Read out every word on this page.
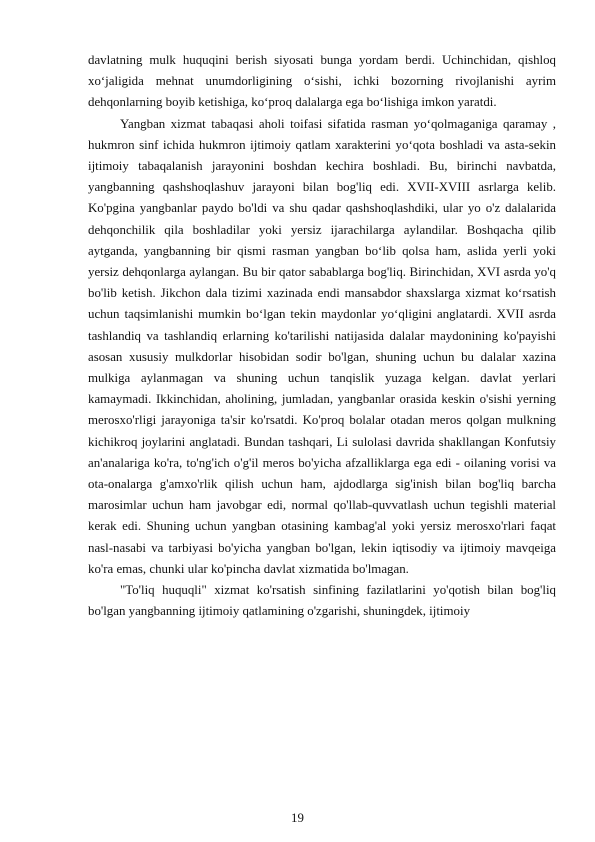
davlatning mulk huquqini berish siyosati bunga yordam berdi. Uchinchidan, qishloq xo‘jaligida mehnat unumdorligining o‘sishi, ichki bozorning rivojlanishi ayrim dehqonlarning boyib ketishiga, ko‘proq dalalarga ega bo‘lishiga imkon yaratdi.

Yangban xizmat tabaqasi aholi toifasi sifatida rasman yo‘qolmaganiga qaramay , hukmron sinf ichida hukmron ijtimoiy qatlam xarakterini yo‘qota boshladi va asta-sekin ijtimoiy tabaqalanish jarayonini boshdan kechira boshladi. Bu, birinchi navbatda, yangbanning qashshoqlashuv jarayoni bilan bog'liq edi. XVII-XVIII asrlarga kelib. Ko'pgina yangbanlar paydo bo'ldi va shu qadar qashshoqlashdiki, ular yo o'z dalalarida dehqonchilik qila boshladilar yoki yersiz ijarachilarga aylandilar. Boshqacha qilib aytganda, yangbanning bir qismi rasman yangban bo‘lib qolsa ham, aslida yerli yoki yersiz dehqonlarga aylangan. Bu bir qator sabablarga bog'liq. Birinchidan, XVI asrda yo'q bo'lib ketish. Jikchon dala tizimi xazinada endi mansabdor shaxslarga xizmat ko‘rsatish uchun taqsimlanishi mumkin bo‘lgan tekin maydonlar yo‘qligini anglatardi. XVII asrda tashlandiq va tashlandiq erlarning ko'tarilishi natijasida dalalar maydonining ko'payishi asosan xususiy mulkdorlar hisobidan sodir bo'lgan, shuning uchun bu dalalar xazina mulkiga aylanmagan va shuning uchun tanqislik yuzaga kelgan. davlat yerlari kamaymadi. Ikkinchidan, aholining, jumladan, yangbanlar orasida keskin o'sishi yerning merosxo'rligi jarayoniga ta'sir ko'rsatdi. Ko'proq bolalar otadan meros qolgan mulkning kichikroq joylarini anglatadi. Bundan tashqari, Li sulolasi davrida shakllangan Konfutsiy an'analariga ko'ra, to'ng'ich o'g'il meros bo'yicha afzalliklarga ega edi - oilaning vorisi va ota-onalarga g'amxo'rlik qilish uchun ham, ajdodlarga sig'inish bilan bog'liq barcha marosimlar uchun ham javobgar edi, normal qo'llab-quvvatlash uchun tegishli material kerak edi. Shuning uchun yangban otasining kambag'al yoki yersiz merosxo'rlari faqat nasl-nasabi va tarbiyasi bo'yicha yangban bo'lgan, lekin iqtisodiy va ijtimoiy mavqeiga ko'ra emas, chunki ular ko'pincha davlat xizmatida bo'lmagan.

"To'liq huquqli" xizmat ko'rsatish sinfining fazilatlarini yo'qotish bilan bog'liq bo'lgan yangbanning ijtimoiy qatlamining o'zgarishi, shuningdek, ijtimoiy

19
